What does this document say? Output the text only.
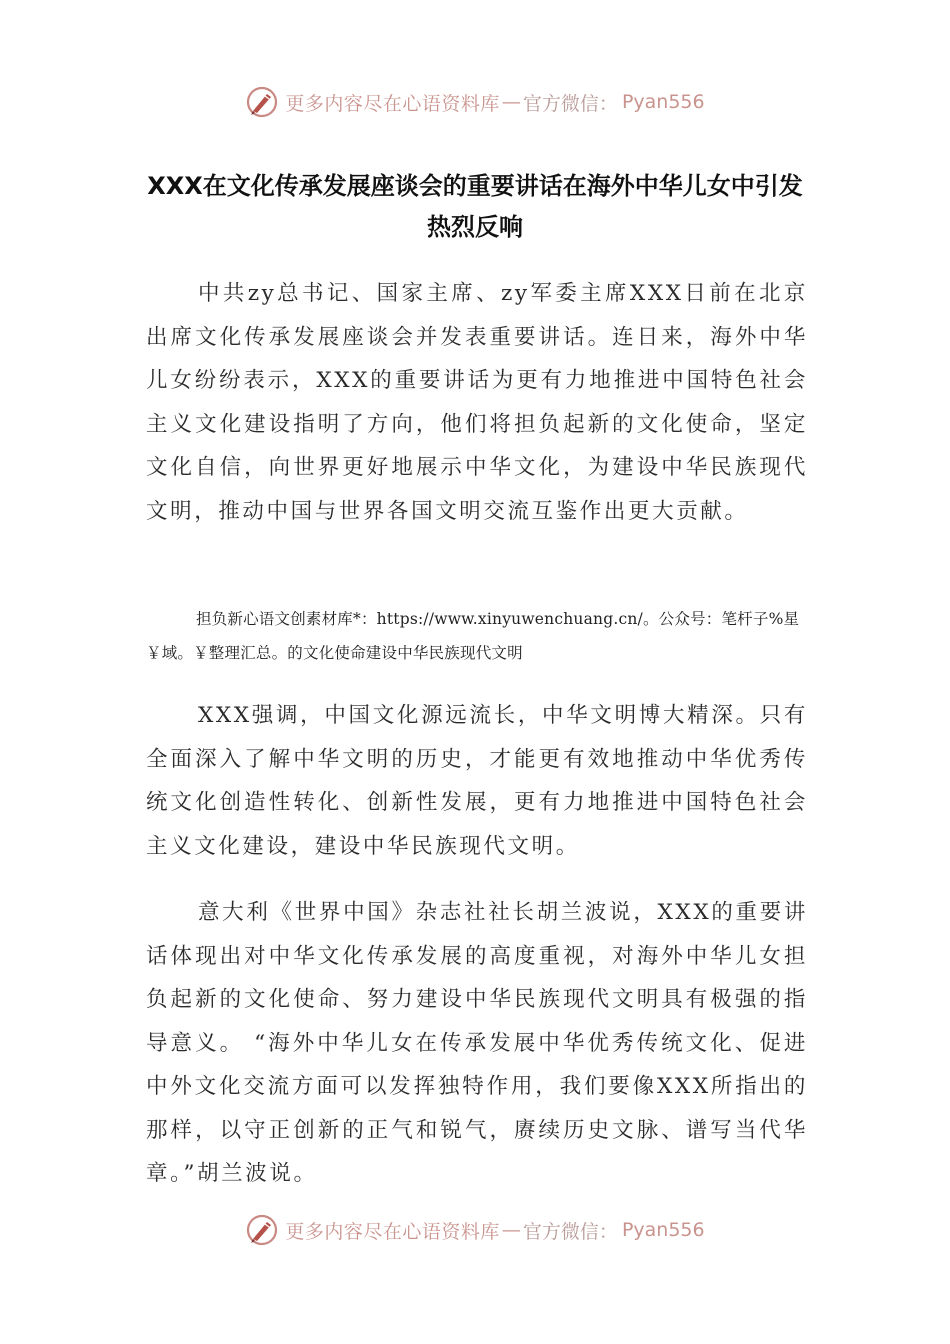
更多内容尽在心语资料库 — 官方微信： Pyan556
XXX在文化传承发展座谈会的重要讲话在海外中华儿女中引发热烈反响

中共zy总书记、国家主席、zy军委主席XXX日前在北京出席文化传承发展座谈会并发表重要讲话。连日来，海外中华儿女纷纷表示，XXX的重要讲话为更有力地推进中国特色社会主义文化建设指明了方向，他们将担负起新的文化使命，坚定文化自信，向世界更好地展示中华文化，为建设中华民族现代文明，推动中国与世界各国文明交流互鉴作出更大贡献。

担负新心语文创素材库*：https://www.xinyuwenchuang.cn/。公众号：笔杆子%星￥域。￥整理汇总。的文化使命建设中华民族现代文明

XXX强调，中国文化源远流长，中华文明博大精深。只有全面深入了解中华文明的历史，才能更有效地推动中华优秀传统文化创造性转化、创新性发展，更有力地推进中国特色社会主义文化建设，建设中华民族现代文明。

意大利《世界中国》杂志社社长胡兰波说，XXX的重要讲话体现出对中华文化传承发展的高度重视，对海外中华儿女担负起新的文化使命、努力建设中华民族现代文明具有极强的指导意义。 “海外中华儿女在传承发展中华优秀传统文化、促进中外文化交流方面可以发挥独特作用，我们要像XXX所指出的那样，以守正创新的正气和锐气，赓续历史文脉、谱写当代华章。”胡兰波说。

更多内容尽在心语资料库 — 官方微信： Pyan556
